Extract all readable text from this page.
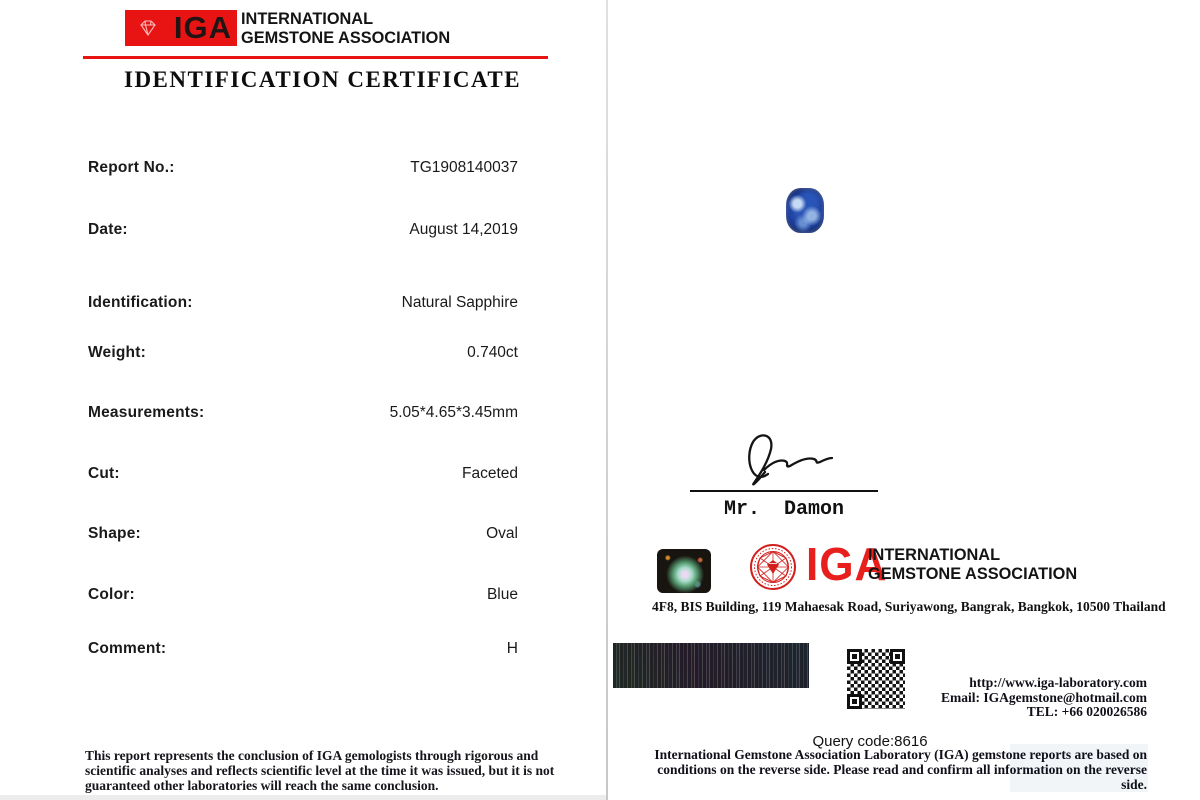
IGA INTERNATIONAL
GEMSTONE ASSOCIATION
IDENTIFICATION CERTIFICATE
Report No.:	TG1908140037
Date:	August 14,2019
Identification:	Natural Sapphire
Weight:	0.740ct
Measurements:	5.05*4.65*3.45mm
Cut:	Faceted
Shape:	Oval
Color:	Blue
Comment:	H
This report represents the conclusion of IGA gemologists through rigorous and scientific analyses and reflects scientific level at the time it was issued, but it is not guaranteed other laboratories will reach the same conclusion.
Mr.  Damon
IGA
INTERNATIONAL
GEMSTONE ASSOCIATION
4F8, BIS Building, 119 Mahaesak Road, Suriyawong, Bangrak, Bangkok, 10500 Thailand
http://www.iga-laboratory.com
Email: IGAgemstone@hotmail.com
TEL: +66 020026586
Query code:8616
International Gemstone Association Laboratory (IGA) gemstone reports are based on conditions on the reverse side. Please read and confirm all information on the reverse side.
